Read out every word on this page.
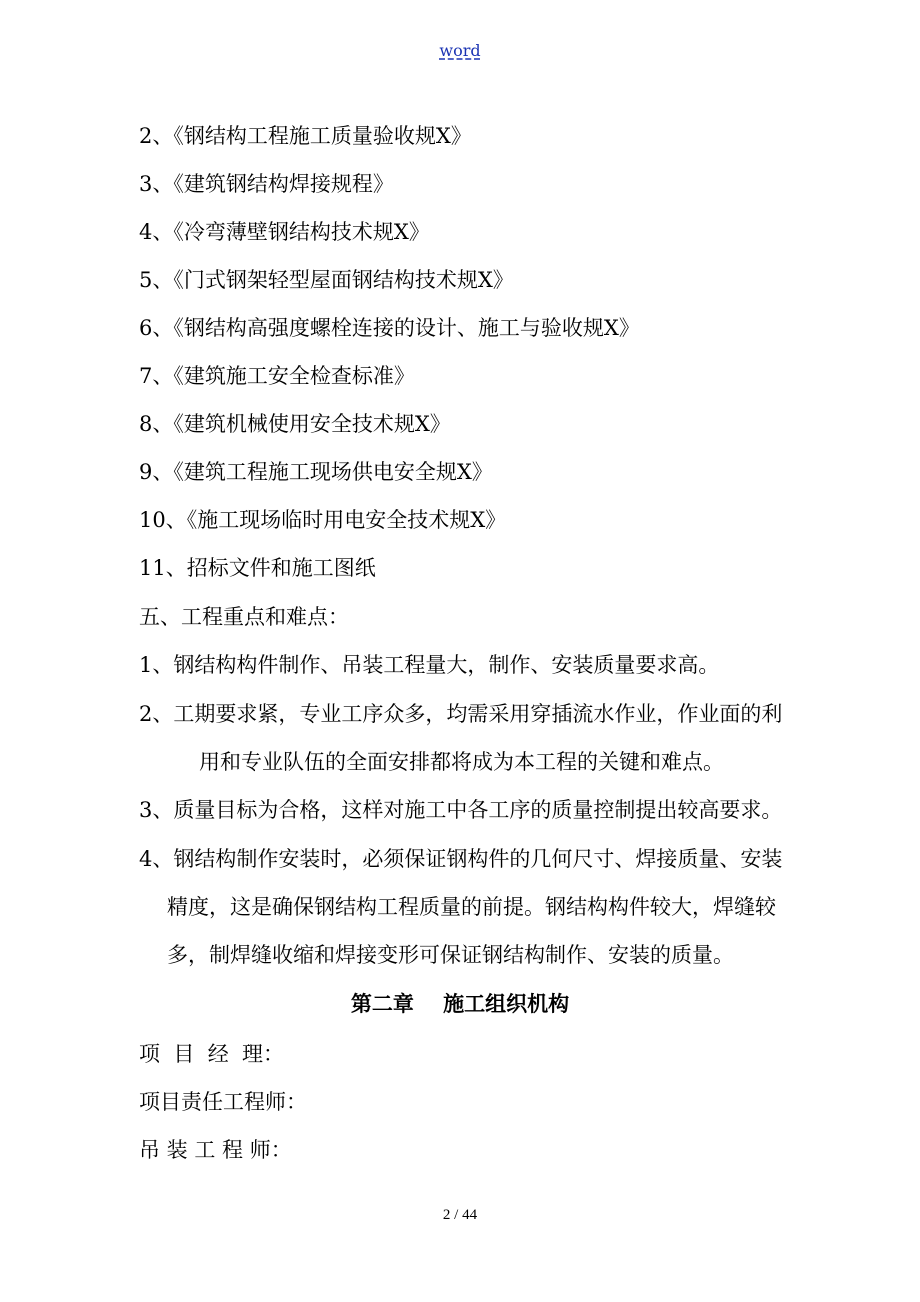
word
2、《钢结构工程施工质量验收规X》
3、《建筑钢结构焊接规程》
4、《冷弯薄壁钢结构技术规X》
5、《门式钢架轻型屋面钢结构技术规X》
6、《钢结构高强度螺栓连接的设计、施工与验收规X》
7、《建筑施工安全检查标准》
8、《建筑机械使用安全技术规X》
9、《建筑工程施工现场供电安全规X》
10、《施工现场临时用电安全技术规X》
11、招标文件和施工图纸
五、工程重点和难点：
1、钢结构构件制作、吊装工程量大，制作、安装质量要求高。
2、工期要求紧，专业工序众多，均需采用穿插流水作业，作业面的利
用和专业队伍的全面安排都将成为本工程的关键和难点。
3、质量目标为合格，这样对施工中各工序的质量控制提出较高要求。
4、钢结构制作安装时，必须保证钢构件的几何尺寸、焊接质量、安装
精度，这是确保钢结构工程质量的前提。钢结构构件较大，焊缝较
多，制焊缝收缩和焊接变形可保证钢结构制作、安装的质量。
第二章    施工组织机构
项  目  经  理：
项目责任工程师：
吊 装 工 程 师：
2 / 44
